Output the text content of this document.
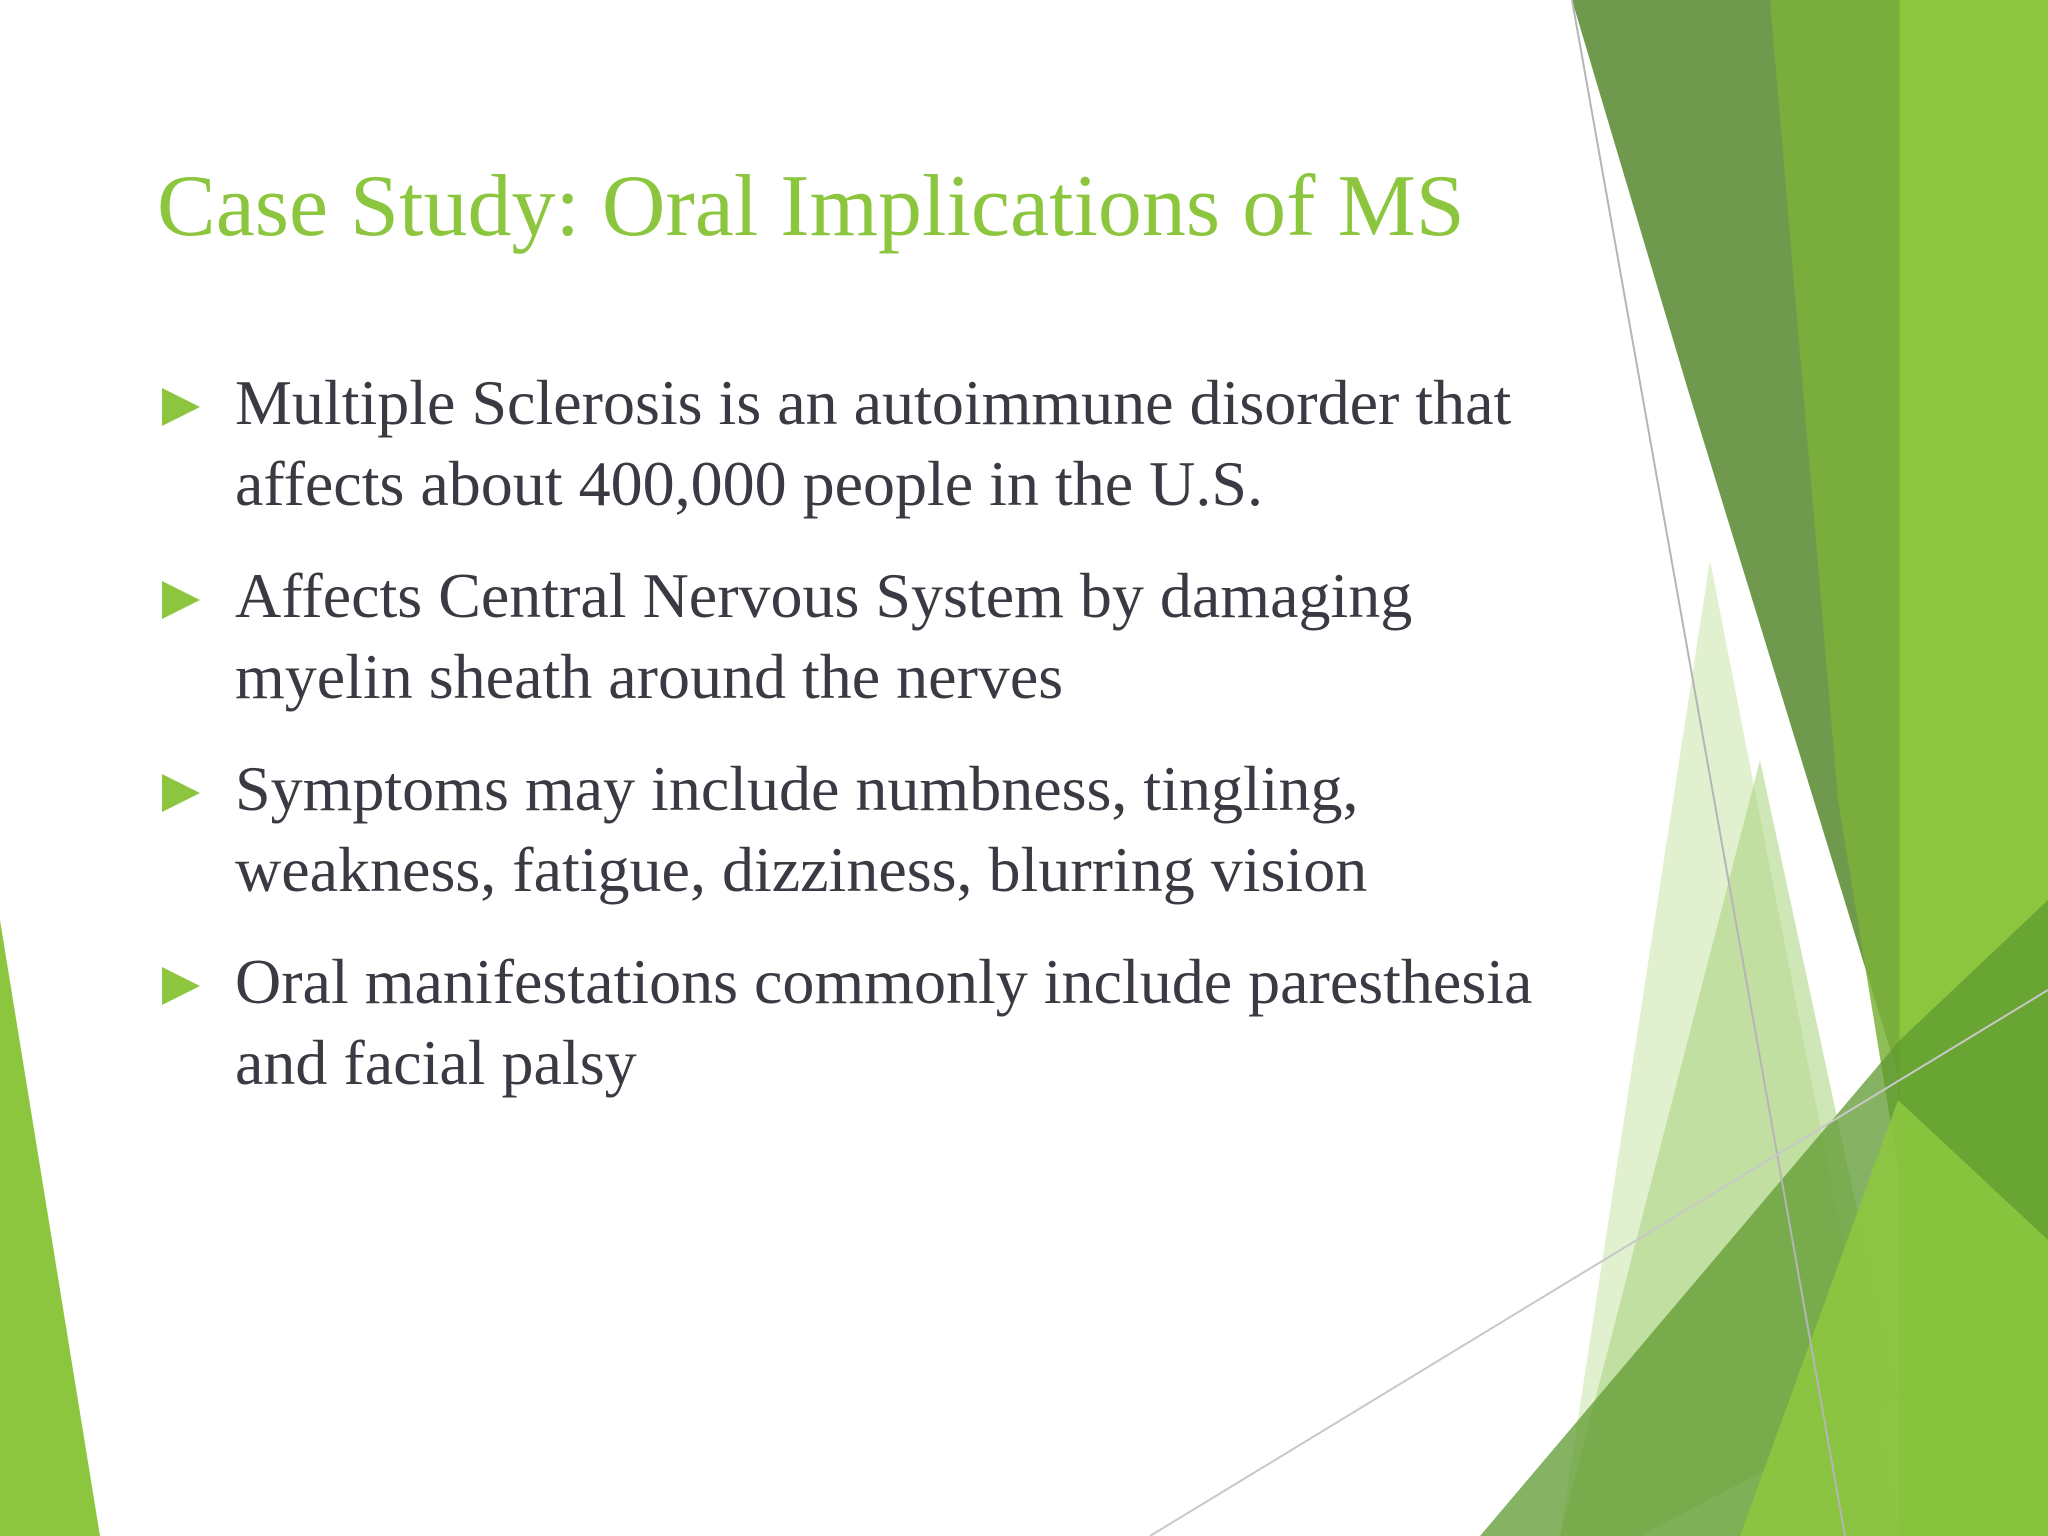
Case Study: Oral Implications of MS
Multiple Sclerosis is an autoimmune disorder that affects about 400,000 people in the U.S.
Affects Central Nervous System by damaging myelin sheath around the nerves
Symptoms may include numbness, tingling, weakness, fatigue, dizziness, blurring vision
Oral manifestations commonly include paresthesia and facial palsy
